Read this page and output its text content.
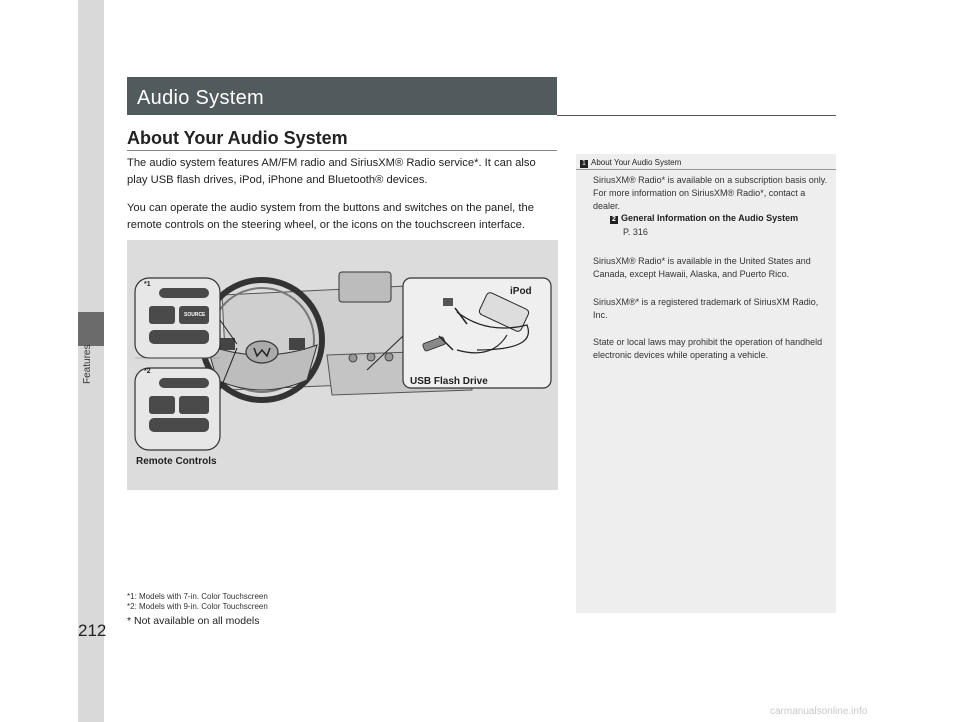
Features
Audio System
About Your Audio System

The audio system features AM/FM radio and SiriusXM® Radio service*. It can also play USB flash drives, iPod, iPhone and Bluetooth® devices.

You can operate the audio system from the buttons and switches on the panel, the remote controls on the steering wheel, or the icons on the touchscreen interface.

*1
*2
SOURCE
iPod
USB Flash Drive
Remote Controls
*1: Models with 7-in. Color Touchscreen
*2: Models with 9-in. Color Touchscreen
212 * Not available on all models
1 About Your Audio System

SiriusXM® Radio* is available on a subscription basis only. For more information on SiriusXM® Radio*, contact a dealer.

2 General Information on the Audio System

P. 316

SiriusXM® Radio* is available in the United States and Canada, except Hawaii, Alaska, and Puerto Rico.

SiriusXM®* is a registered trademark of SiriusXM Radio, Inc.

State or local laws may prohibit the operation of handheld electronic devices while operating a vehicle.

carmanualsonline.info
